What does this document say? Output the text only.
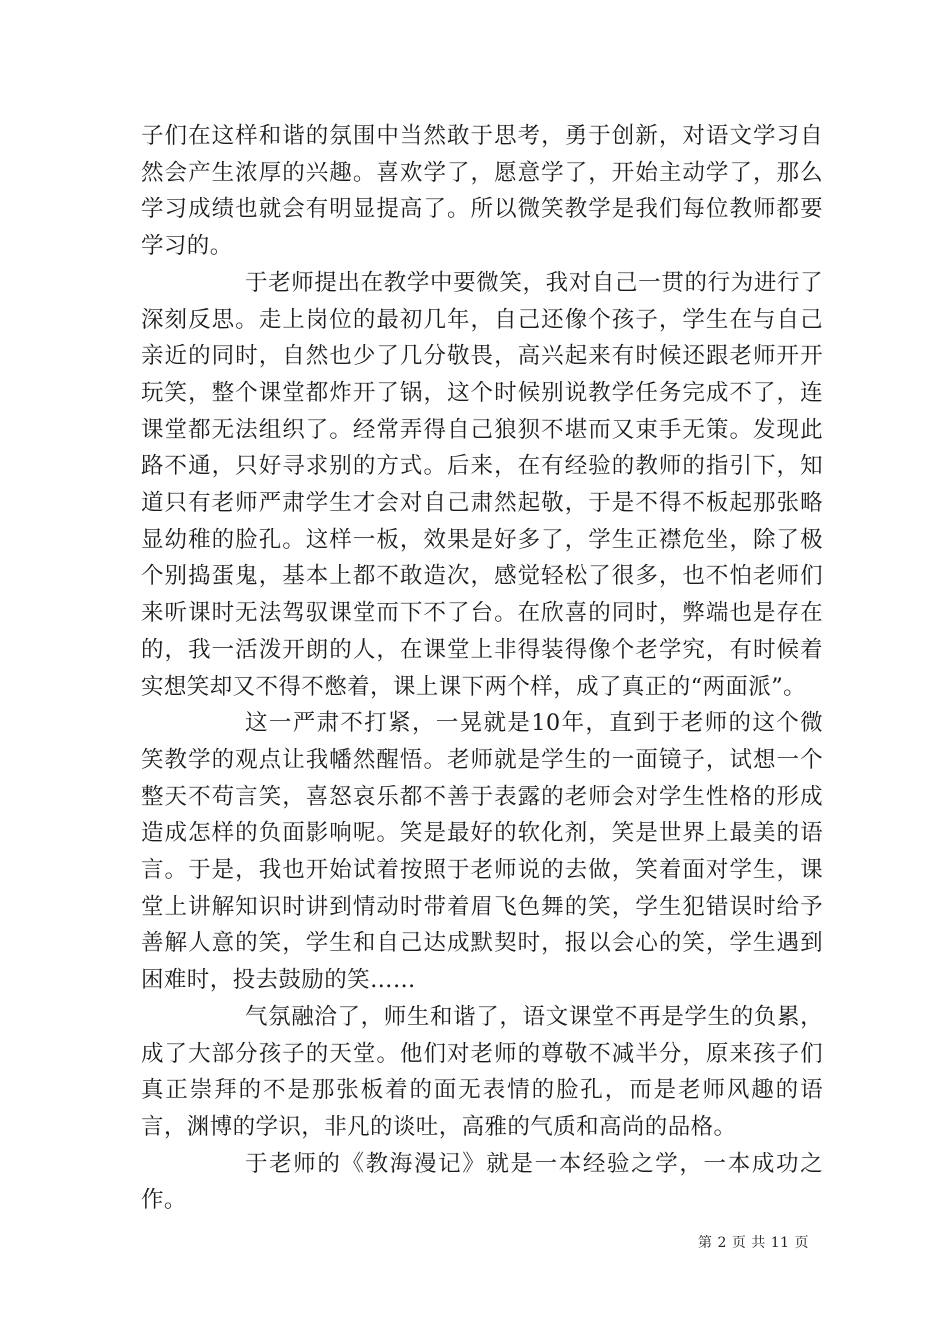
子们在这样和谐的氛围中当然敢于思考，勇于创新，对语文学习自然会产生浓厚的兴趣。喜欢学了，愿意学了，开始主动学了，那么学习成绩也就会有明显提高了。所以微笑教学是我们每位教师都要学习的。

于老师提出在教学中要微笑，我对自己一贯的行为进行了深刻反思。走上岗位的最初几年，自己还像个孩子，学生在与自己亲近的同时，自然也少了几分敬畏，高兴起来有时候还跟老师开开玩笑，整个课堂都炸开了锅，这个时候别说教学任务完成不了，连课堂都无法组织了。经常弄得自己狼狈不堪而又束手无策。发现此路不通，只好寻求别的方式。后来，在有经验的教师的指引下，知道只有老师严肃学生才会对自己肃然起敬，于是不得不板起那张略显幼稚的脸孔。这样一板，效果是好多了，学生正襟危坐，除了极个别捣蛋鬼，基本上都不敢造次，感觉轻松了很多，也不怕老师们来听课时无法驾驭课堂而下不了台。在欣喜的同时，弊端也是存在的，我一活泼开朗的人，在课堂上非得装得像个老学究，有时候着实想笑却又不得不憋着，课上课下两个样，成了真正的“两面派”。

这一严肃不打紧，一晃就是10年，直到于老师的这个微笑教学的观点让我幡然醒悟。老师就是学生的一面镜子，试想一个整天不苟言笑，喜怒哀乐都不善于表露的老师会对学生性格的形成造成怎样的负面影响呢。笑是最好的软化剂，笑是世界上最美的语言。于是，我也开始试着按照于老师说的去做，笑着面对学生，课堂上讲解知识时讲到情动时带着眉飞色舞的笑，学生犯错误时给予善解人意的笑，学生和自己达成默契时，报以会心的笑，学生遇到困难时，投去鼓励的笑……

气氛融洽了，师生和谐了，语文课堂不再是学生的负累，成了大部分孩子的天堂。他们对老师的尊敬不减半分，原来孩子们真正崇拜的不是那张板着的面无表情的脸孔，而是老师风趣的语言，渊博的学识，非凡的谈吐，高雅的气质和高尚的品格。

于老师的《教海漫记》就是一本经验之学，一本成功之作。

第 2 页 共 11 页
